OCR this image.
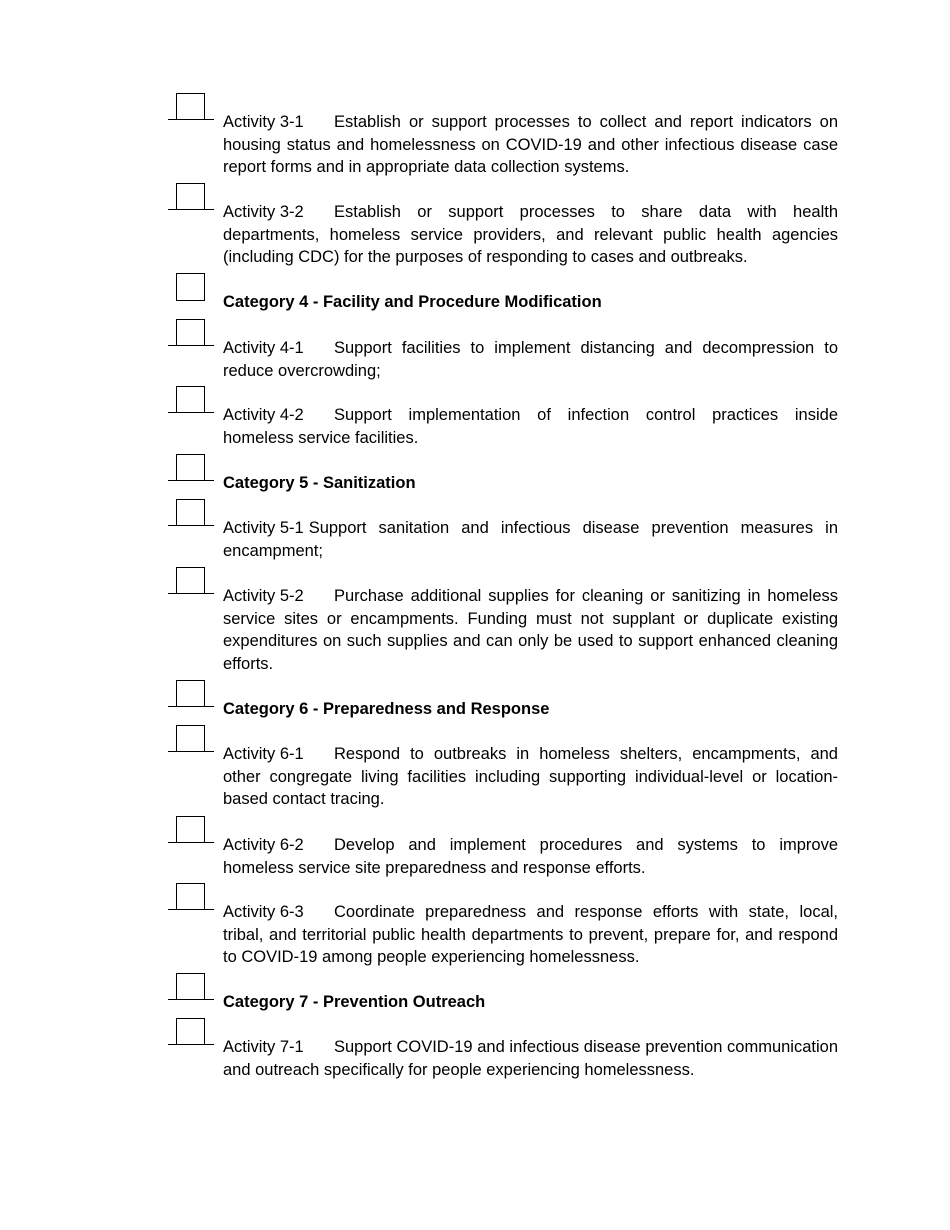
Activity 3-1 Establish or support processes to collect and report indicators on housing status and homelessness on COVID-19 and other infectious disease case report forms and in appropriate data collection systems.
Activity 3-2 Establish or support processes to share data with health departments, homeless service providers, and relevant public health agencies (including CDC) for the purposes of responding to cases and outbreaks.
Category 4 - Facility and Procedure Modification
Activity 4-1 Support facilities to implement distancing and decompression to reduce overcrowding;
Activity 4-2 Support implementation of infection control practices inside homeless service facilities.
Category 5 - Sanitization
Activity 5-1 Support sanitation and infectious disease prevention measures in encampment;
Activity 5-2 Purchase additional supplies for cleaning or sanitizing in homeless service sites or encampments. Funding must not supplant or duplicate existing expenditures on such supplies and can only be used to support enhanced cleaning efforts.
Category 6 - Preparedness and Response
Activity 6-1 Respond to outbreaks in homeless shelters, encampments, and other congregate living facilities including supporting individual-level or location-based contact tracing.
Activity 6-2 Develop and implement procedures and systems to improve homeless service site preparedness and response efforts.
Activity 6-3 Coordinate preparedness and response efforts with state, local, tribal, and territorial public health departments to prevent, prepare for, and respond to COVID-19 among people experiencing homelessness.
Category 7 - Prevention Outreach
Activity 7-1 Support COVID-19 and infectious disease prevention communication and outreach specifically for people experiencing homelessness.
